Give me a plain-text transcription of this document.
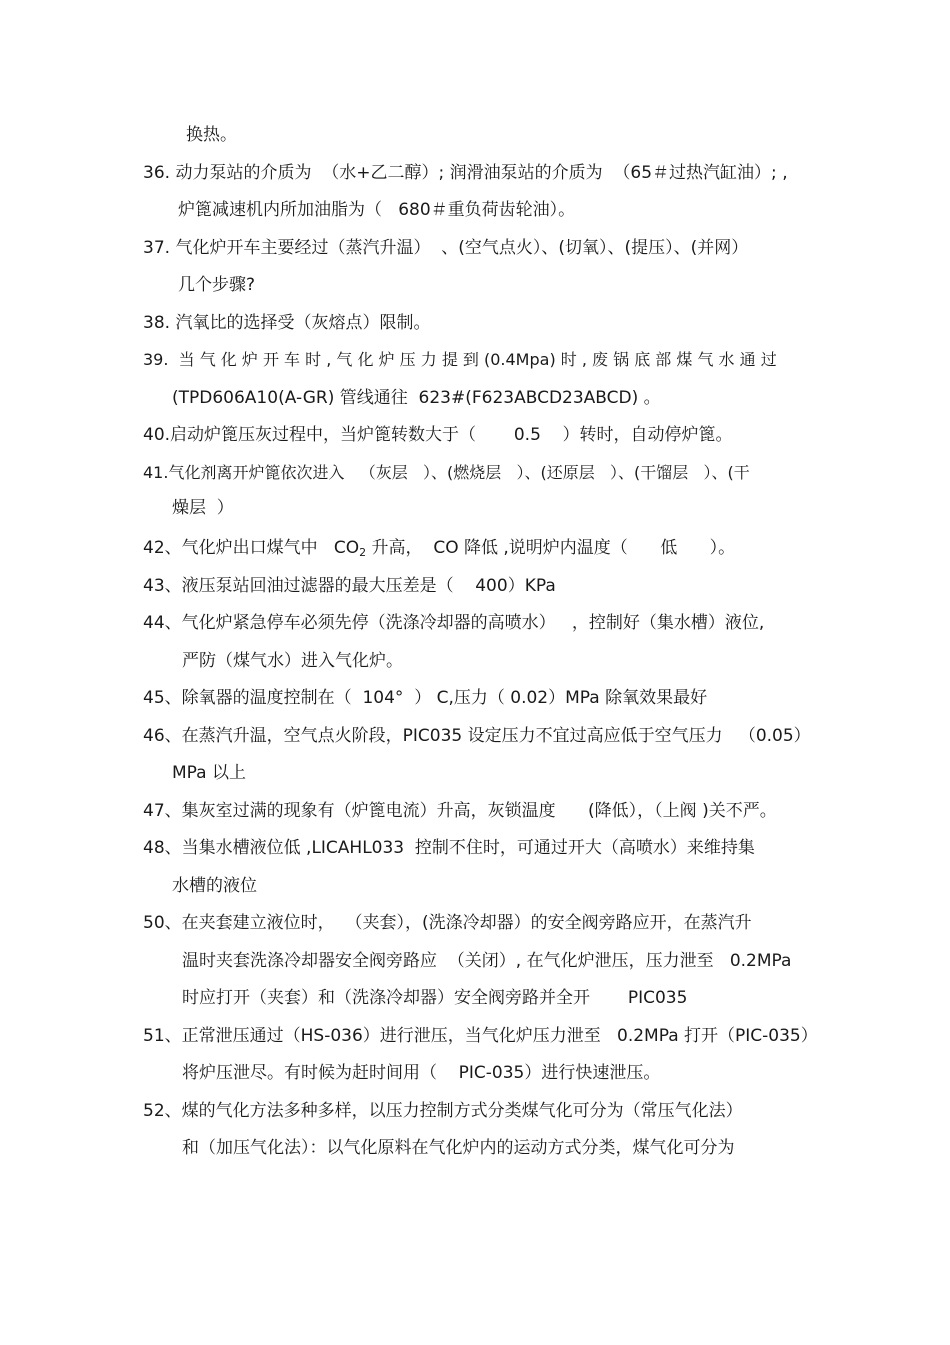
换热。
36. 动力泵站的介质为  （水+乙二醇）; 润滑油泵站的介质为  （65＃过热汽缸油）; ,
炉篦减速机内所加油脂为（   680＃重负荷齿轮油）。
37. 气化炉开车主要经过（蒸汽升温）  、(空气点火）、(切氧）、(提压）、(并网）
几个步骤?
38. 汽氧比的选择受（灰熔点）限制。
39.  当 气 化 炉 开 车 时 , 气 化 炉 压 力 提 到 (0.4Mpa) 时 , 废 锅 底 部 煤 气 水 通 过
(TPD606A10(A-GR) 管线通往  623#(F623ABCD23ABCD) 。
40.启动炉篦压灰过程中，当炉篦转数大于（       0.5    ）转时，自动停炉篦。
41.气化剂离开炉篦依次进入   （灰层   ）、(燃烧层   ）、(还原层   ）、(干馏层   ）、(干
燥层  ）
42、气化炉出口煤气中   $CO_2$ 升高，  CO 降低 ,说明炉内温度（      低      ）。
43、液压泵站回油过滤器的最大压差是（    400）KPa
44、气化炉紧急停车必须先停（洗涤冷却器的高喷水）   ，控制好（集水槽）液位,
严防（煤气水）进入气化炉。
45、除氧器的温度控制在（  104°  ） C,压力（ 0.02）MPa 除氧效果最好
46、在蒸汽升温，空气点火阶段，PIC035 设定压力不宜过高应低于空气压力   （0.05）
MPa 以上
47、集灰室过满的现象有（炉篦电流）升高，灰锁温度      (降低），（上阀 )关不严。
48、当集水槽液位低 ,LICAHL033  控制不住时，可通过开大（高喷水）来维持集
水槽的液位
50、在夹套建立液位时，  （夹套），(洗涤冷却器）的安全阀旁路应开，在蒸汽升
温时夹套洗涤冷却器安全阀旁路应  （关闭）, 在气化炉泄压，压力泄至   0.2MPa
时应打开（夹套）和（洗涤冷却器）安全阀旁路并全开       PIC035
51、正常泄压通过（HS-036）进行泄压，当气化炉压力泄至   0.2MPa 打开（PIC-035）
将炉压泄尽。有时候为赶时间用（    PIC-035）进行快速泄压。
52、煤的气化方法多种多样，以压力控制方式分类煤气化可分为（常压气化法）
和（加压气化法）：以气化原料在气化炉内的运动方式分类，煤气化可分为
